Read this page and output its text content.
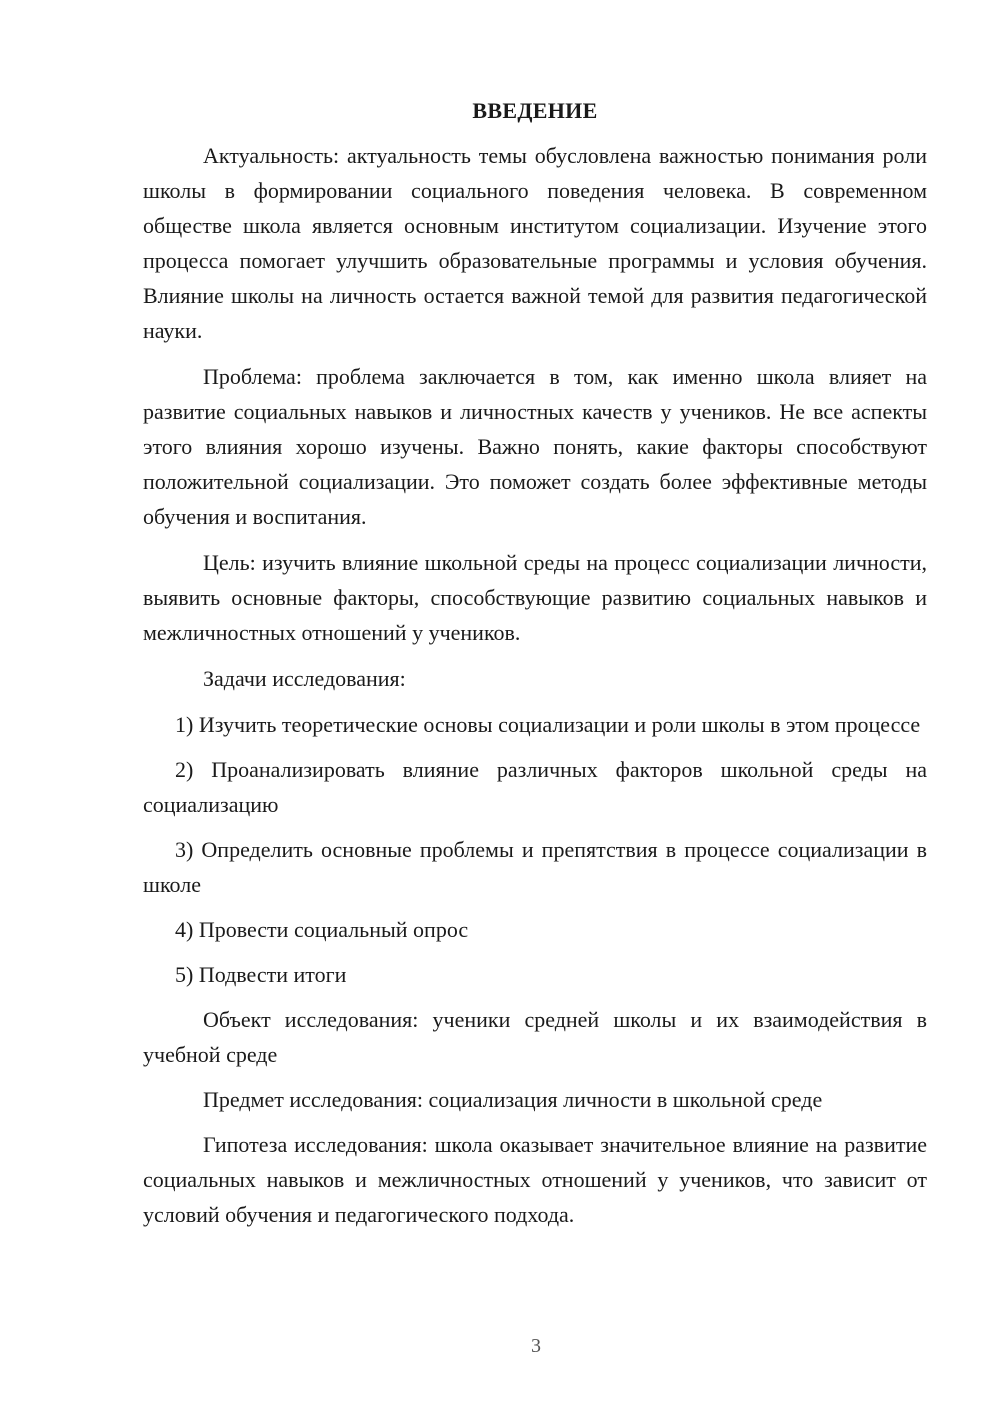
ВВЕДЕНИЕ

Актуальность: актуальность темы обусловлена важностью понимания роли школы в формировании социального поведения человека. В современном обществе школа является основным институтом социализации. Изучение этого процесса помогает улучшить образовательные программы и условия обучения. Влияние школы на личность остается важной темой для развития педагогической науки.

Проблема: проблема заключается в том, как именно школа влияет на развитие социальных навыков и личностных качеств у учеников. Не все аспекты этого влияния хорошо изучены. Важно понять, какие факторы способствуют положительной социализации. Это поможет создать более эффективные методы обучения и воспитания.

Цель: изучить влияние школьной среды на процесс социализации личности, выявить основные факторы, способствующие развитию социальных навыков и межличностных отношений у учеников.

Задачи исследования:

1) Изучить теоретические основы социализации и роли школы в этом процессе

2) Проанализировать влияние различных факторов школьной среды на социализацию

3) Определить основные проблемы и препятствия в процессе социализации в школе

4) Провести социальный опрос

5) Подвести итоги

Объект исследования: ученики средней школы и их взаимодействия в учебной среде

Предмет исследования: социализация личности в школьной среде

Гипотеза исследования: школа оказывает значительное влияние на развитие социальных навыков и межличностных отношений у учеников, что зависит от условий обучения и педагогического подхода.

3
